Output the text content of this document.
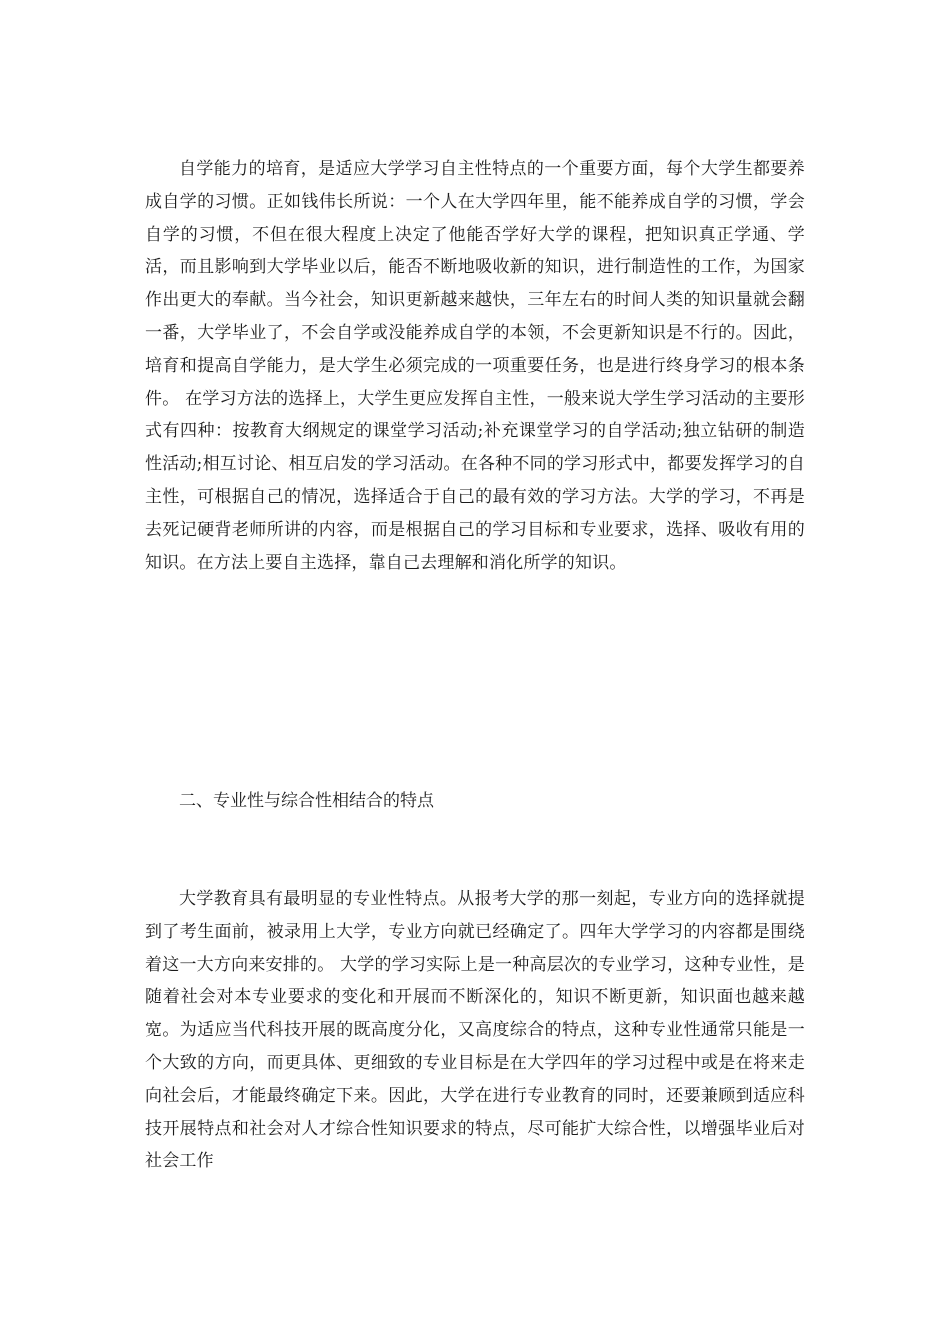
自学能力的培育，是适应大学学习自主性特点的一个重要方面，每个大学生都要养成自学的习惯。正如钱伟长所说：一个人在大学四年里，能不能养成自学的习惯，学会自学的习惯，不但在很大程度上决定了他能否学好大学的课程，把知识真正学通、学活，而且影响到大学毕业以后，能否不断地吸收新的知识，进行制造性的工作，为国家作出更大的奉献。当今社会，知识更新越来越快，三年左右的时间人类的知识量就会翻一番，大学毕业了，不会自学或没能养成自学的本领，不会更新知识是不行的。因此，培育和提高自学能力，是大学生必须完成的一项重要任务，也是进行终身学习的根本条件。 在学习方法的选择上，大学生更应发挥自主性，一般来说大学生学习活动的主要形式有四种：按教育大纲规定的课堂学习活动;补充课堂学习的自学活动;独立钻研的制造性活动;相互讨论、相互启发的学习活动。在各种不同的学习形式中，都要发挥学习的自主性，可根据自己的情况，选择适合于自己的最有效的学习方法。大学的学习，不再是去死记硬背老师所讲的内容，而是根据自己的学习目标和专业要求，选择、吸收有用的知识。在方法上要自主选择，靠自己去理解和消化所学的知识。

二、专业性与综合性相结合的特点

大学教育具有最明显的专业性特点。从报考大学的那一刻起，专业方向的选择就提到了考生面前，被录用上大学，专业方向就已经确定了。四年大学学习的内容都是围绕着这一大方向来安排的。 大学的学习实际上是一种高层次的专业学习，这种专业性，是随着社会对本专业要求的变化和开展而不断深化的，知识不断更新，知识面也越来越宽。为适应当代科技开展的既高度分化，又高度综合的特点，这种专业性通常只能是一个大致的方向，而更具体、更细致的专业目标是在大学四年的学习过程中或是在将来走向社会后，才能最终确定下来。因此，大学在进行专业教育的同时，还要兼顾到适应科技开展特点和社会对人才综合性知识要求的特点，尽可能扩大综合性，以增强毕业后对社会工作
